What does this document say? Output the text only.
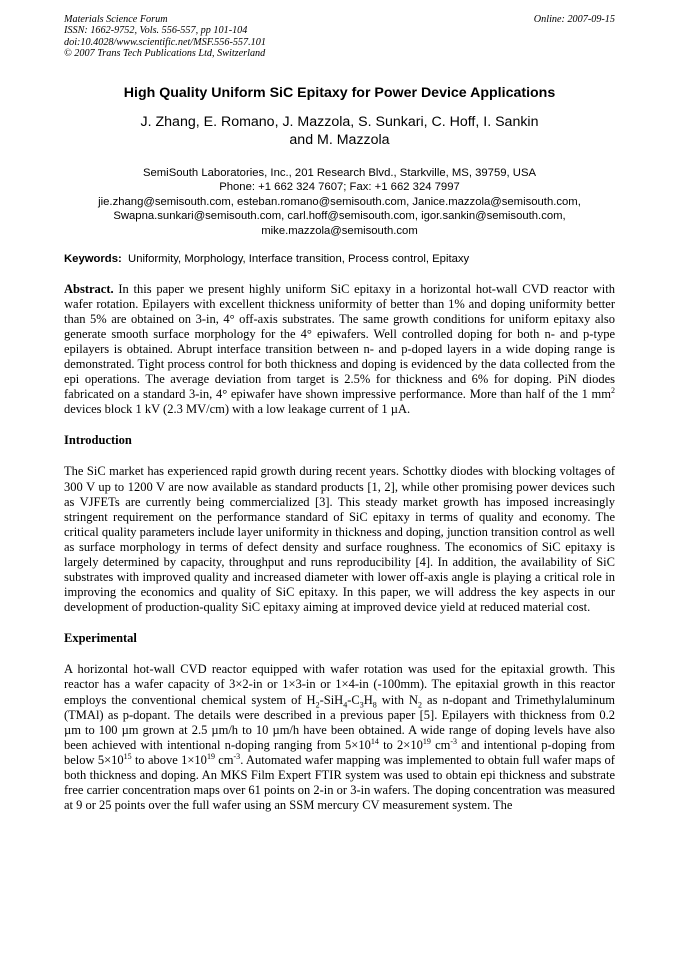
Materials Science Forum
ISSN: 1662-9752, Vols. 556-557, pp 101-104
doi:10.4028/www.scientific.net/MSF.556-557.101
© 2007 Trans Tech Publications Ltd, Switzerland
Online: 2007-09-15
High Quality Uniform SiC Epitaxy for Power Device Applications
J. Zhang, E. Romano, J. Mazzola, S. Sunkari, C. Hoff, I. Sankin
and M. Mazzola
SemiSouth Laboratories, Inc., 201 Research Blvd., Starkville, MS, 39759, USA
Phone: +1 662 324 7607; Fax: +1 662 324 7997
jie.zhang@semisouth.com, esteban.romano@semisouth.com, Janice.mazzola@semisouth.com,
Swapna.sunkari@semisouth.com, carl.hoff@semisouth.com, igor.sankin@semisouth.com,
mike.mazzola@semisouth.com
Keywords: Uniformity, Morphology, Interface transition, Process control, Epitaxy

Abstract. In this paper we present highly uniform SiC epitaxy in a horizontal hot-wall CVD reactor with wafer rotation. Epilayers with excellent thickness uniformity of better than 1% and doping uniformity better than 5% are obtained on 3-in, 4° off-axis substrates. The same growth conditions for uniform epitaxy also generate smooth surface morphology for the 4° epiwafers. Well controlled doping for both n- and p-type epilayers is obtained. Abrupt interface transition between n- and p-doped layers in a wide doping range is demonstrated. Tight process control for both thickness and doping is evidenced by the data collected from the epi operations. The average deviation from target is 2.5% for thickness and 6% for doping. PiN diodes fabricated on a standard 3-in, 4° epiwafer have shown impressive performance. More than half of the 1 $mm^2$ devices block 1 kV (2.3 MV/cm) with a low leakage current of 1 µA.

Introduction

The SiC market has experienced rapid growth during recent years. Schottky diodes with blocking voltages of 300 V up to 1200 V are now available as standard products [1, 2], while other promising power devices such as VJFETs are currently being commercialized [3]. This steady market growth has imposed increasingly stringent requirement on the performance standard of SiC epitaxy in terms of quality and economy. The critical quality parameters include layer uniformity in thickness and doping, junction transition control as well as surface morphology in terms of defect density and surface roughness. The economics of SiC epitaxy is largely determined by capacity, throughput and runs reproducibility [4]. In addition, the availability of SiC substrates with improved quality and increased diameter with lower off-axis angle is playing a critical role in improving the economics and quality of SiC epitaxy. In this paper, we will address the key aspects in our development of production-quality SiC epitaxy aiming at improved device yield at reduced material cost.

Experimental

A horizontal hot-wall CVD reactor equipped with wafer rotation was used for the epitaxial growth. This reactor has a wafer capacity of 3×2-in or 1×3-in or 1×4-in (-100mm). The epitaxial growth in this reactor employs the conventional chemical system of $H_2-SiH_4-C_3H_8$ with $N_2$ as n-dopant and Trimethylaluminum (TMAl) as p-dopant. The details were described in a previous paper [5]. Epilayers with thickness from 0.2 µm to 100 µm grown at 2.5 µm/h to 10 µm/h have been obtained. A wide range of doping levels have also been achieved with intentional n-doping ranging from $5\times 10^{14}$ to $2\times 10^{19}$ $cm^{-3}$ and intentional p-doping from below $5\times 10^{15}$ to above $1\times 10^{19}$ $cm^{-3}$. Automated wafer mapping was implemented to obtain full wafer maps of both thickness and doping. An MKS Film Expert FTIR system was used to obtain epi thickness and substrate free carrier concentration maps over 61 points on 2-in or 3-in wafers. The doping concentration was measured at 9 or 25 points over the full wafer using an SSM mercury CV measurement system. The
